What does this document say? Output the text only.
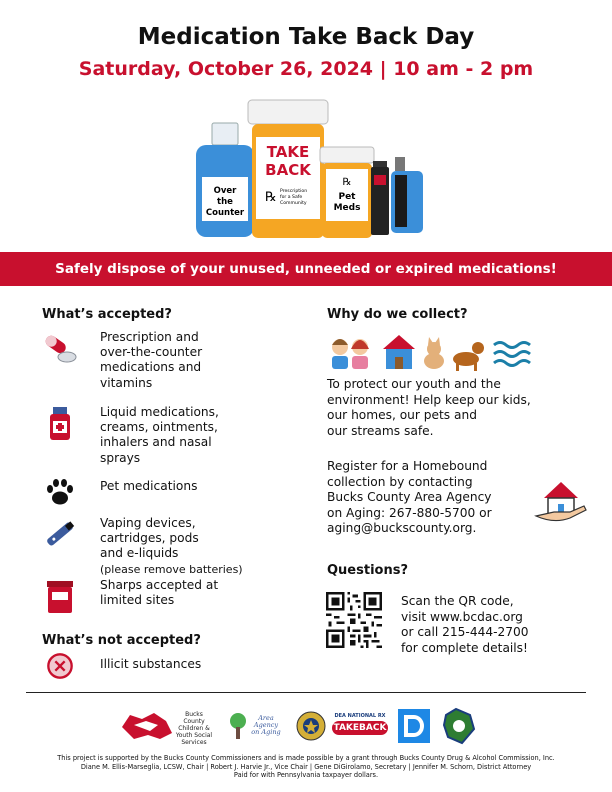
Medication Take Back Day
Saturday, October 26, 2024 | 10 am - 2 pm
Over
the
Counter
TAKE
BACK
℞ Prescription
for a Safe
Community
℞
Pet
Meds
Safely dispose of your unused, unneeded or expired medications!
What’s accepted?
Prescription and
over-the-counter
medications and
vitamins
Liquid medications,
creams, ointments,
inhalers and nasal
sprays
Pet medications
Vaping devices,
cartridges, pods
and e-liquids
(please remove batteries)
Sharps accepted at
limited sites
What’s not accepted?
Illicit substances
Why do we collect?
To protect our youth and the
environment! Help keep our kids,
our homes, our pets and
our streams safe.
Register for a Homebound
collection by contacting
Bucks County Area Agency
on Aging: 267-880-5700 or
aging@buckscounty.org.
Questions?
Scan the QR code,
visit www.bcdac.org
or call 215-444-2700
for complete details!
Bucks County
Children &
Youth Social
Services
Area Agency
on Aging
DEA NATIONAL RX
TAKEBACK
This project is supported by the Bucks County Commissioners and is made possible by a grant through Bucks County Drug & Alcohol Commission, Inc.
Diane M. Ellis-Marseglia, LCSW, Chair | Robert J. Harvie Jr., Vice Chair | Gene DiGirolamo, Secretary | Jennifer M. Schorn, District Attorney
Paid for with Pennsylvania taxpayer dollars.
